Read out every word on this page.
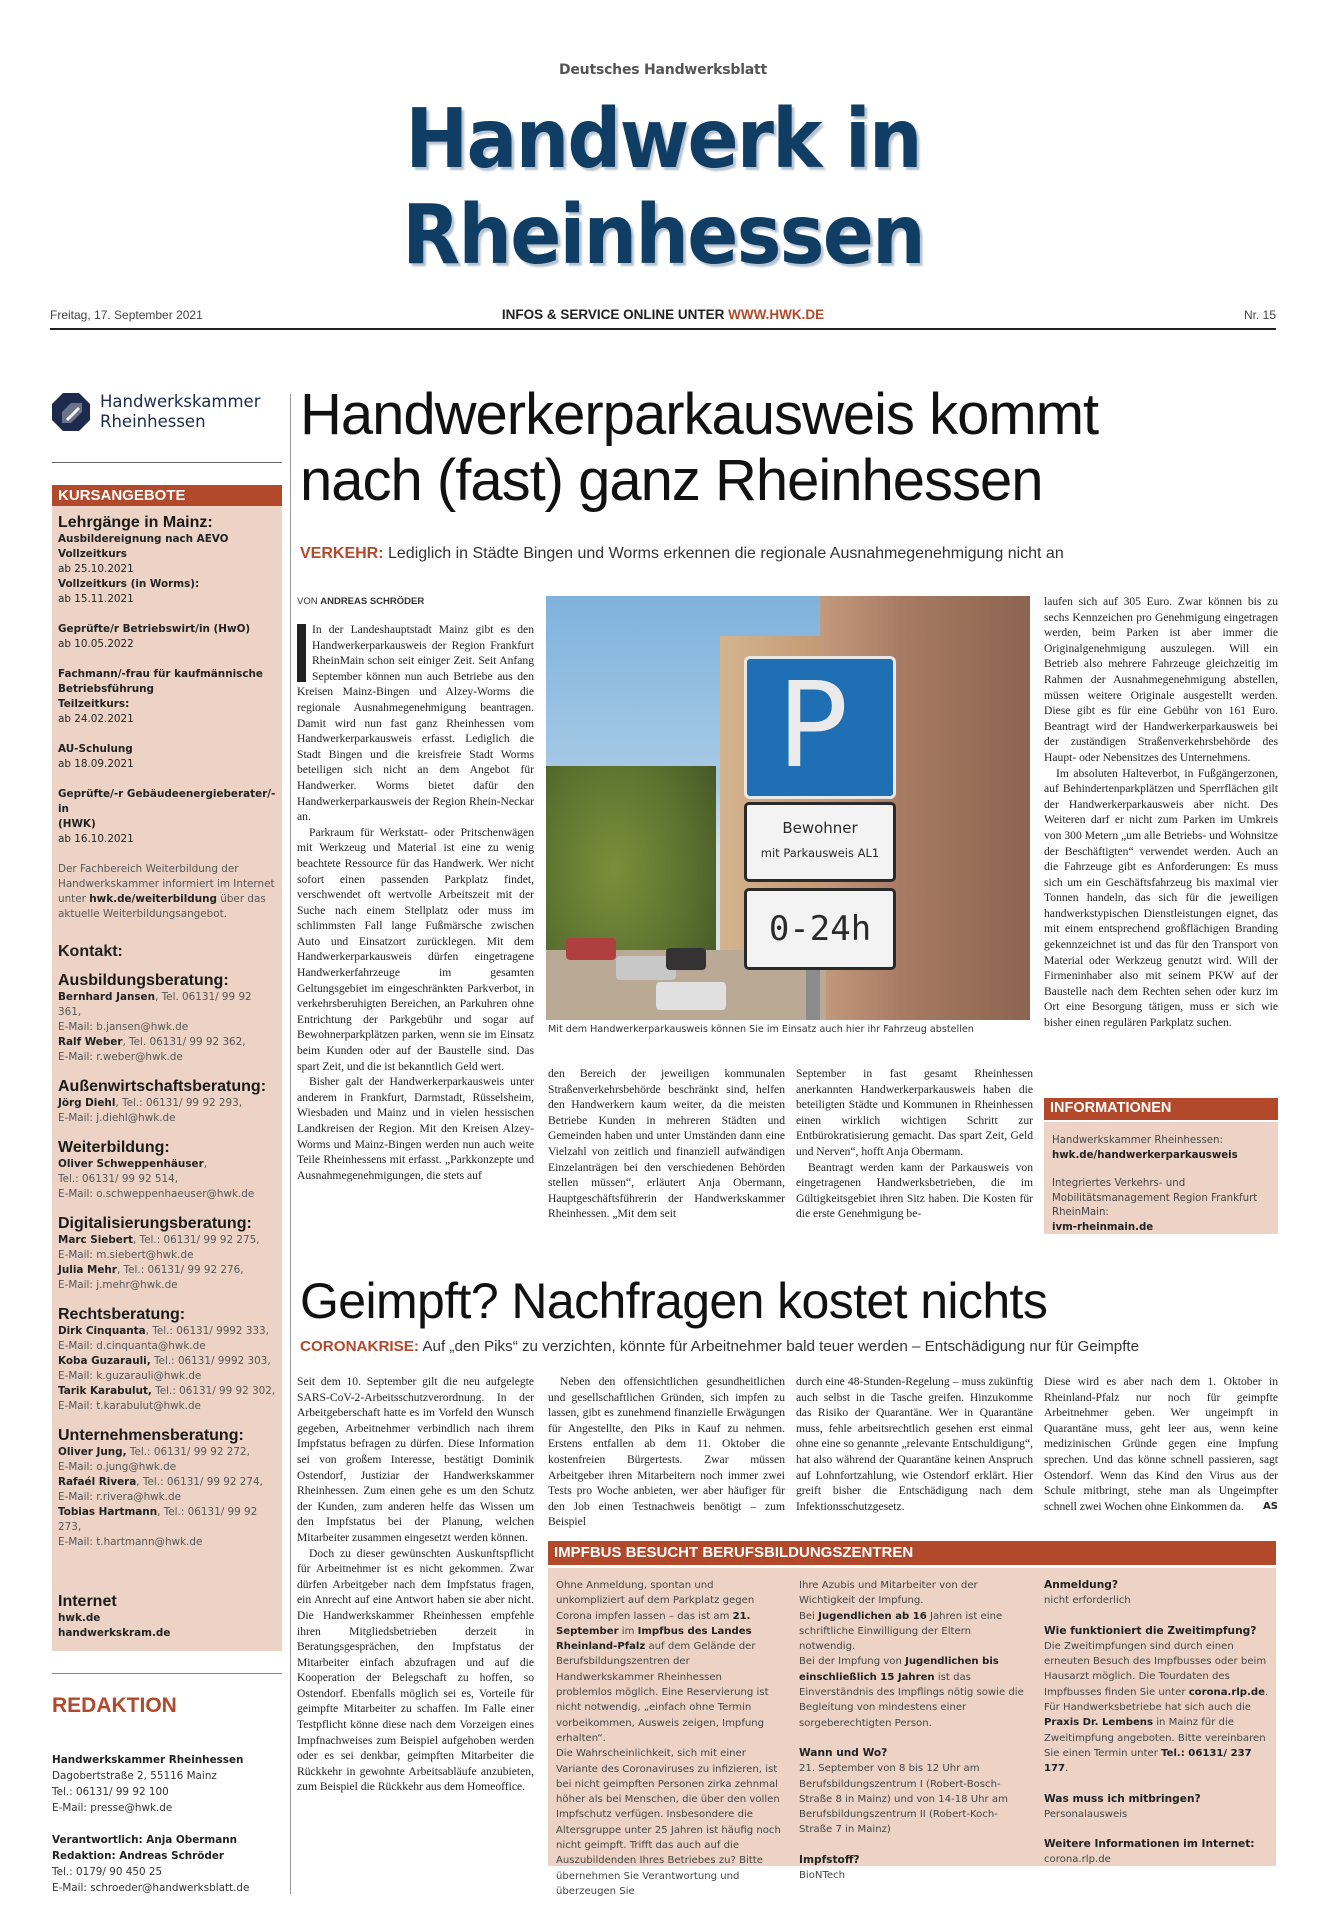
Deutsches Handwerksblatt
Handwerk in
Rheinhessen
Freitag, 17. September 2021	INFOS & SERVICE ONLINE UNTER WWW.HWK.DE	Nr. 15
Handwerkskammer
Rheinhessen
KURSANGEBOTE
Lehrgänge in Mainz:
Ausbildereignung nach AEVO
Vollzeitkurs
ab 25.10.2021
Vollzeitkurs (in Worms):
ab 15.11.2021
Geprüfte/r Betriebswirt/in (HwO)
ab 10.05.2022
Fachmann/-frau für kaufmännische
Betriebsführung
Teilzeitkurs:
ab 24.02.2021
AU-Schulung
ab 18.09.2021
Geprüfte/-r Gebäudeenergieberater/-in
(HWK)
ab 16.10.2021
Der Fachbereich Weiterbildung der Handwerkskammer informiert im Internet unter hwk.de/weiterbildung über das aktuelle Weiterbildungsangebot.
Kontakt:
Ausbildungsberatung:
Bernhard Jansen, Tel. 06131/ 99 92 361,
E-Mail: b.jansen@hwk.de
Ralf Weber, Tel. 06131/ 99 92 362,
E-Mail: r.weber@hwk.de
Außenwirtschaftsberatung:
Jörg Diehl, Tel.: 06131/ 99 92 293,
E-Mail: j.diehl@hwk.de
Weiterbildung:
Oliver Schweppenhäuser,
Tel.: 06131/ 99 92 514,
E-Mail: o.schweppenhaeuser@hwk.de
Digitalisierungsberatung:
Marc Siebert, Tel.: 06131/ 99 92 275,
E-Mail: m.siebert@hwk.de
Julia Mehr, Tel.: 06131/ 99 92 276,
E-Mail: j.mehr@hwk.de
Rechtsberatung:
Dirk Cinquanta, Tel.: 06131/ 9992 333,
E-Mail: d.cinquanta@hwk.de
Koba Guzarauli, Tel.: 06131/ 9992 303,
E-Mail: k.guzarauli@hwk.de
Tarik Karabulut, Tel.: 06131/ 99 92 302,
E-Mail: t.karabulut@hwk.de
Unternehmensberatung:
Oliver Jung, Tel.: 06131/ 99 92 272,
E-Mail: o.jung@hwk.de
Rafaél Rivera, Tel.: 06131/ 99 92 274,
E-Mail: r.rivera@hwk.de
Tobias Hartmann, Tel.: 06131/ 99 92 273,
E-Mail: t.hartmann@hwk.de
Internet
hwk.de
handwerkskram.de
REDAKTION
Handwerkskammer Rheinhessen
Dagobertstraße 2, 55116 Mainz
Tel.: 06131/ 99 92 100
E-Mail: presse@hwk.de
Verantwortlich: Anja Obermann
Redaktion: Andreas Schröder
Tel.: 0179/ 90 450 25
E-Mail: schroeder@handwerksblatt.de
Handwerkerparkausweis kommt
nach (fast) ganz Rheinhessen
VERKEHR: Lediglich in Städte Bingen und Worms erkennen die regionale Ausnahmegenehmigung nicht an
VON ANDREAS SCHRÖDER

In der Landeshauptstadt Mainz gibt es den Handwerkerparkausweis der Region Frankfurt RheinMain schon seit einiger Zeit. Seit Anfang September können nun auch Betriebe aus den Kreisen Mainz-Bingen und Alzey-Worms die regionale Ausnahmegenehmigung beantragen. Damit wird nun fast ganz Rheinhessen vom Handwerkerparkausweis erfasst. Lediglich die Stadt Bingen und die kreisfreie Stadt Worms beteiligen sich nicht an dem Angebot für Handwerker. Worms bietet dafür den Handwerkerparkausweis der Region Rhein-Neckar an.

Parkraum für Werkstatt- oder Pritschenwägen mit Werkzeug und Material ist eine zu wenig beachtete Ressource für das Handwerk. Wer nicht sofort einen passenden Parkplatz findet, verschwendet oft wertvolle Arbeitszeit mit der Suche nach einem Stellplatz oder muss im schlimmsten Fall lange Fußmärsche zwischen Auto und Einsatzort zurücklegen. Mit dem Handwerkerparkausweis dürfen eingetragene Handwerkerfahrzeuge im gesamten Geltungsgebiet im eingeschränkten Parkverbot, in verkehrsberuhigten Bereichen, an Parkuhren ohne Entrichtung der Parkgebühr und sogar auf Bewohnerparkplätzen parken, wenn sie im Einsatz beim Kunden oder auf der Baustelle sind. Das spart Zeit, und die ist bekanntlich Geld wert.

Bisher galt der Handwerkerparkausweis unter anderem in Frankfurt, Darmstadt, Rüsselsheim, Wiesbaden und Mainz und in vielen hessischen Landkreisen der Region. Mit den Kreisen Alzey-Worms und Mainz-Bingen werden nun auch weite Teile Rheinhessens mit erfasst. „Parkkonzepte und Ausnahmegenehmigungen, die stets auf

P
Bewohner
mit Parkausweis AL1
0-24h
Mit dem Handwerkerparkausweis können Sie im Einsatz auch hier ihr Fahrzeug abstellen

den Bereich der jeweiligen kommunalen Straßenverkehrsbehörde beschränkt sind, helfen den Handwerkern kaum weiter, da die meisten Betriebe Kunden in mehreren Städten und Gemeinden haben und unter Umständen dann eine Vielzahl von zeitlich und finanziell aufwändigen Einzelanträgen bei den verschiedenen Behörden stellen müssen“, erläutert Anja Obermann, Hauptgeschäftsführerin der Handwerkskammer Rheinhessen. „Mit dem seit

September in fast gesamt Rheinhessen anerkannten Handwerkerparkausweis haben die beteiligten Städte und Kommunen in Rheinhessen einen wirklich wichtigen Schritt zur Entbürokratisierung gemacht. Das spart Zeit, Geld und Nerven“, hofft Anja Obermann.

Beantragt werden kann der Parkausweis von eingetragenen Handwerksbetrieben, die im Gültigkeitsgebiet ihren Sitz haben. Die Kosten für die erste Genehmigung be-

laufen sich auf 305 Euro. Zwar können bis zu sechs Kennzeichen pro Genehmigung eingetragen werden, beim Parken ist aber immer die Originalgenehmigung auszulegen. Will ein Betrieb also mehrere Fahrzeuge gleichzeitig im Rahmen der Ausnahmegenehmigung abstellen, müssen weitere Originale ausgestellt werden. Diese gibt es für eine Gebühr von 161 Euro. Beantragt wird der Handwerkerparkausweis bei der zuständigen Straßenverkehrsbehörde des Haupt- oder Nebensitzes des Unternehmens.

Im absoluten Halteverbot, in Fußgängerzonen, auf Behindertenparkplätzen und Sperrflächen gilt der Handwerkerparkausweis aber nicht. Des Weiteren darf er nicht zum Parken im Umkreis von 300 Metern „um alle Betriebs- und Wohnsitze der Beschäftigten“ verwendet werden. Auch an die Fahrzeuge gibt es Anforderungen: Es muss sich um ein Geschäftsfahrzeug bis maximal vier Tonnen handeln, das sich für die jeweiligen handwerkstypischen Dienstleistungen eignet, das mit einem entsprechend großflächigen Branding gekennzeichnet ist und das für den Transport von Material oder Werkzeug genutzt wird. Will der Firmeninhaber also mit seinem PKW auf der Baustelle nach dem Rechten sehen oder kurz im Ort eine Besorgung tätigen, muss er sich wie bisher einen regulären Parkplatz suchen.

INFORMATIONEN
Handwerkskammer Rheinhessen:
hwk.de/handwerkerparkausweis
Integriertes Verkehrs- und Mobilitätsmanagement Region Frankfurt RheinMain:
ivm-rheinmain.de
Geimpft? Nachfragen kostet nichts
CORONAKRISE: Auf „den Piks“ zu verzichten, könnte für Arbeitnehmer bald teuer werden – Entschädigung nur für Geimpfte

Seit dem 10. September gilt die neu aufgelegte SARS-CoV-2-Arbeitsschutzverordnung. In der Arbeitgeberschaft hatte es im Vorfeld den Wunsch gegeben, Arbeitnehmer verbindlich nach ihrem Impfstatus befragen zu dürfen. Diese Information sei von großem Interesse, bestätigt Dominik Ostendorf, Justiziar der Handwerkskammer Rheinhessen. Zum einen gehe es um den Schutz der Kunden, zum anderen helfe das Wissen um den Impfstatus bei der Planung, welchen Mitarbeiter zusammen eingesetzt werden können.

Doch zu dieser gewünschten Auskunftspflicht für Arbeitnehmer ist es nicht gekommen. Zwar dürfen Arbeitgeber nach dem Impfstatus fragen, ein Anrecht auf eine Antwort haben sie aber nicht. Die Handwerkskammer Rheinhessen empfehle ihren Mitgliedsbetrieben derzeit in Beratungsgesprächen, den Impfstatus der Mitarbeiter einfach abzufragen und auf die Kooperation der Belegschaft zu hoffen, so Ostendorf. Ebenfalls möglich sei es, Vorteile für geimpfte Mitarbeiter zu schaffen. Im Falle einer Testpflicht könne diese nach dem Vorzeigen eines Impfnachweises zum Beispiel aufgehoben werden oder es sei denkbar, geimpften Mitarbeiter die Rückkehr in gewohnte Arbeitsabläufe anzubieten, zum Beispiel die Rückkehr aus dem Homeoffice.

Neben den offensichtlichen gesundheitlichen und gesellschaftlichen Gründen, sich impfen zu lassen, gibt es zunehmend finanzielle Erwägungen für Angestellte, den Piks in Kauf zu nehmen. Erstens entfallen ab dem 11. Oktober die kostenfreien Bürgertests. Zwar müssen Arbeitgeber ihren Mitarbeitern noch immer zwei Tests pro Woche anbieten, wer aber häufiger für den Job einen Testnachweis benötigt – zum Beispiel

durch eine 48-Stunden-Regelung – muss zukünftig auch selbst in die Tasche greifen. Hinzukomme das Risiko der Quarantäne. Wer in Quarantäne muss, fehle arbeitsrechtlich gesehen erst einmal ohne eine so genannte „relevante Entschuldigung“, hat also während der Quarantäne keinen Anspruch auf Lohnfortzahlung, wie Ostendorf erklärt. Hier greift bisher die Entschädigung nach dem Infektionsschutzgesetz.

Diese wird es aber nach dem 1. Oktober in Rheinland-Pfalz nur noch für geimpfte Arbeitnehmer geben. Wer ungeimpft in Quarantäne muss, geht leer aus, wenn keine medizinischen Gründe gegen eine Impfung sprechen. Und das könne schnell passieren, sagt Ostendorf. Wenn das Kind den Virus aus der Schule mitbringt, stehe man als Ungeimpfter schnell zwei Wochen ohne Einkommen da. AS

IMPFBUS BESUCHT BERUFSBILDUNGSZENTREN
Ohne Anmeldung, spontan und unkompliziert auf dem Parkplatz gegen Corona impfen lassen – das ist am 21. September im Impfbus des Landes Rheinland-Pfalz auf dem Gelände der Berufsbildungszentren der Handwerkskammer Rheinhessen problemlos möglich. Eine Reservierung ist nicht notwendig, „einfach ohne Termin vorbeikommen, Ausweis zeigen, Impfung erhalten“.
Die Wahrscheinlichkeit, sich mit einer Variante des Coronaviruses zu infizieren, ist bei nicht geimpften Personen zirka zehnmal höher als bei Menschen, die über den vollen Impfschutz verfügen. Insbesondere die Altersgruppe unter 25 Jahren ist häufig noch nicht geimpft. Trifft das auch auf die Auszubildenden Ihres Betriebes zu? Bitte übernehmen Sie Verantwortung und überzeugen Sie
Ihre Azubis und Mitarbeiter von der Wichtigkeit der Impfung.
Bei Jugendlichen ab 16 Jahren ist eine schriftliche Einwilligung der Eltern notwendig.
Bei der Impfung von Jugendlichen bis einschließlich 15 Jahren ist das Einverständnis des Impflings nötig sowie die Begleitung von mindestens einer sorgeberechtigten Person.
Wann und Wo?
21. September von 8 bis 12 Uhr am Berufsbildungszentrum I (Robert-Bosch-Straße 8 in Mainz) und von 14-18 Uhr am Berufsbildungszentrum II (Robert-Koch-Straße 7 in Mainz)
Impfstoff?
BioNTech
Anmeldung?
nicht erforderlich
Wie funktioniert die Zweitimpfung?
Die Zweitimpfungen sind durch einen erneuten Besuch des Impfbusses oder beim Hausarzt möglich. Die Tourdaten des Impfbusses finden Sie unter corona.rlp.de. Für Handwerksbetriebe hat sich auch die Praxis Dr. Lembens in Mainz für die Zweitimpfung angeboten. Bitte vereinbaren Sie einen Termin unter Tel.: 06131/ 237 177.
Was muss ich mitbringen?
Personalausweis
Weitere Informationen im Internet:
corona.rlp.de
